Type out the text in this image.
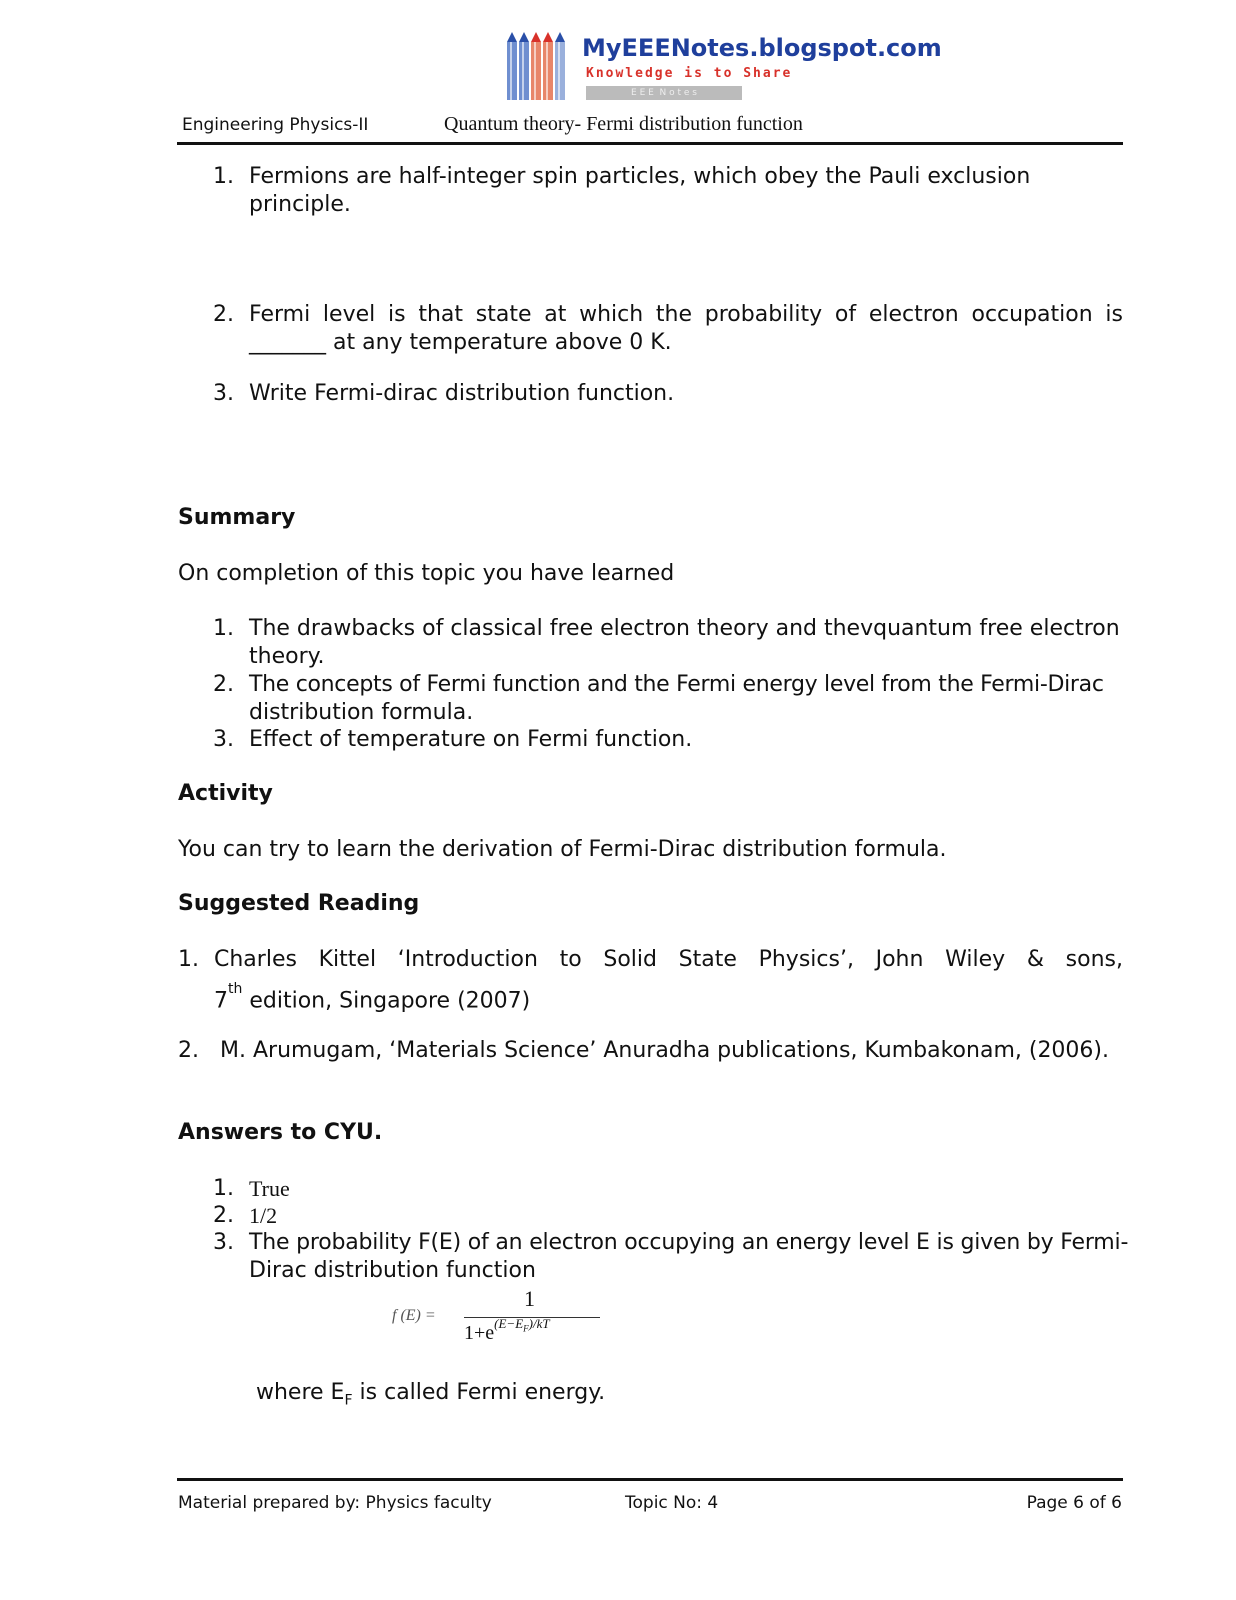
MyEEENotes.blogspot.com
Knowledge is to Share
E E E  N o t e s
Engineering Physics-II	Quantum theory- Fermi distribution function
1. Fermions are half-integer spin particles, which obey the Pauli exclusion
principle.
2. Fermi level is that state at which the probability of electron occupation is
_______ at any temperature above 0 K.
3. Write Fermi-dirac distribution function.
Summary
On completion of this topic you have learned
1. The drawbacks of classical free electron theory and thevquantum free electron
theory.
2. The concepts of Fermi function and the Fermi energy level from the Fermi-Dirac
distribution formula.
3. Effect of temperature on Fermi function.
Activity
You can try to learn the derivation of Fermi-Dirac distribution formula.
Suggested Reading
1. Charles Kittel ‘Introduction to Solid State Physics’, John Wiley & sons,
7th edition, Singapore (2007)
2. M. Arumugam, ‘Materials Science’ Anuradha publications, Kumbakonam, (2006).
Answers to CYU.
1. True
2. 1/2
3. The probability F(E) of an electron occupying an energy level E is given by Fermi-
Dirac distribution function
f (E) =
1
$1+e^{(E-E_F)/kT}$
where $E_F$ is called Fermi energy.
Material prepared by: Physics faculty	Topic No: 4	Page 6 of 6
